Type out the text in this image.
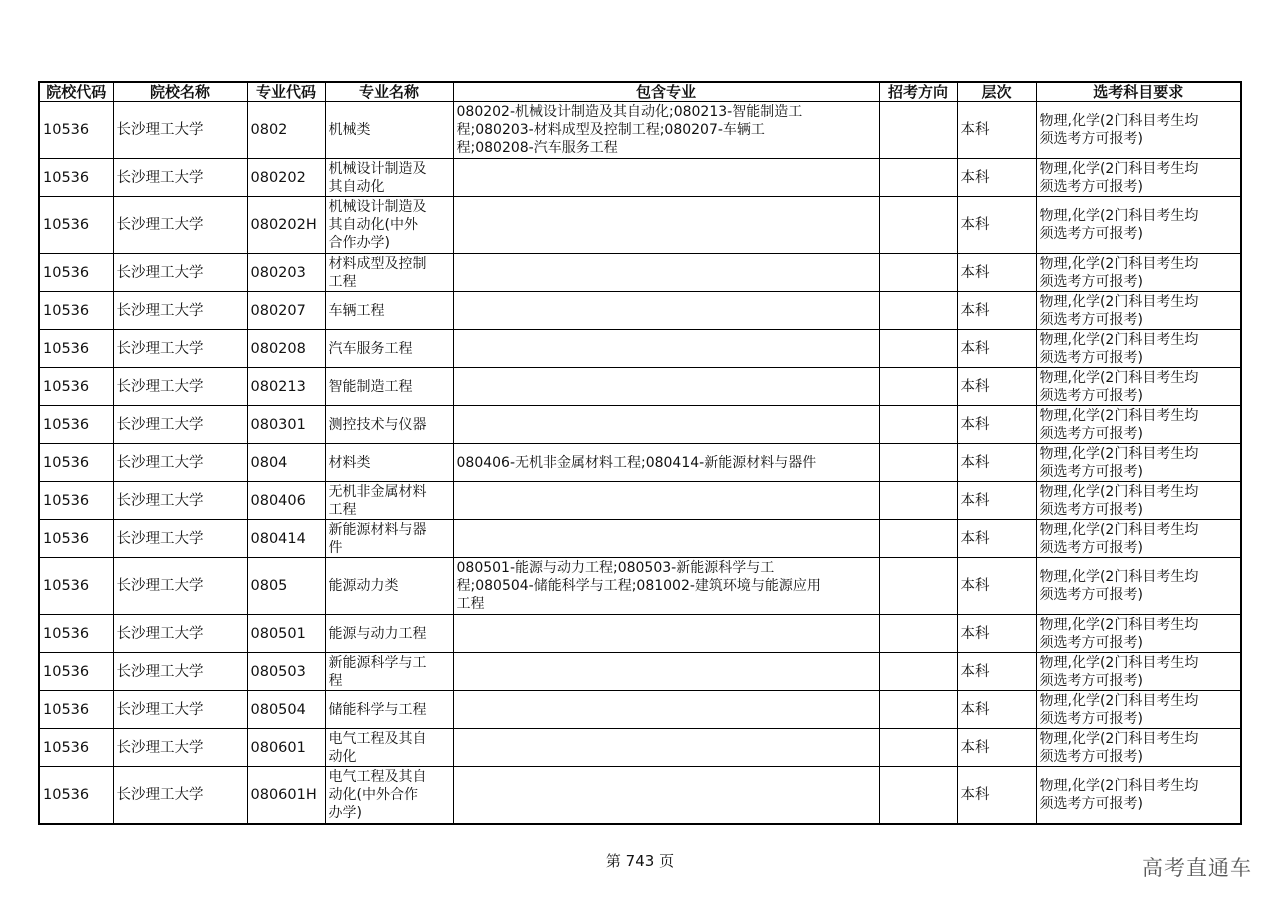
院校代码	院校名称	专业代码	专业名称	包含专业	招考方向	层次	选考科目要求
10536	长沙理工大学	0802	机械类	080202-机械设计制造及其自动化;080213-智能制造工
程;080203-材料成型及控制工程;080207-车辆工
程;080208-汽车服务工程		本科	物理,化学(2门科目考生均
须选考方可报考)
10536	长沙理工大学	080202	机械设计制造及
其自动化			本科	物理,化学(2门科目考生均
须选考方可报考)
10536	长沙理工大学	080202H	机械设计制造及
其自动化(中外
合作办学)			本科	物理,化学(2门科目考生均
须选考方可报考)
10536	长沙理工大学	080203	材料成型及控制
工程			本科	物理,化学(2门科目考生均
须选考方可报考)
10536	长沙理工大学	080207	车辆工程			本科	物理,化学(2门科目考生均
须选考方可报考)
10536	长沙理工大学	080208	汽车服务工程			本科	物理,化学(2门科目考生均
须选考方可报考)
10536	长沙理工大学	080213	智能制造工程			本科	物理,化学(2门科目考生均
须选考方可报考)
10536	长沙理工大学	080301	测控技术与仪器			本科	物理,化学(2门科目考生均
须选考方可报考)
10536	长沙理工大学	0804	材料类	080406-无机非金属材料工程;080414-新能源材料与器件		本科	物理,化学(2门科目考生均
须选考方可报考)
10536	长沙理工大学	080406	无机非金属材料
工程			本科	物理,化学(2门科目考生均
须选考方可报考)
10536	长沙理工大学	080414	新能源材料与器
件			本科	物理,化学(2门科目考生均
须选考方可报考)
10536	长沙理工大学	0805	能源动力类	080501-能源与动力工程;080503-新能源科学与工
程;080504-储能科学与工程;081002-建筑环境与能源应用
工程		本科	物理,化学(2门科目考生均
须选考方可报考)
10536	长沙理工大学	080501	能源与动力工程			本科	物理,化学(2门科目考生均
须选考方可报考)
10536	长沙理工大学	080503	新能源科学与工
程			本科	物理,化学(2门科目考生均
须选考方可报考)
10536	长沙理工大学	080504	储能科学与工程			本科	物理,化学(2门科目考生均
须选考方可报考)
10536	长沙理工大学	080601	电气工程及其自
动化			本科	物理,化学(2门科目考生均
须选考方可报考)
10536	长沙理工大学	080601H	电气工程及其自
动化(中外合作
办学)			本科	物理,化学(2门科目考生均
须选考方可报考)
第 743 页	高考直通车
